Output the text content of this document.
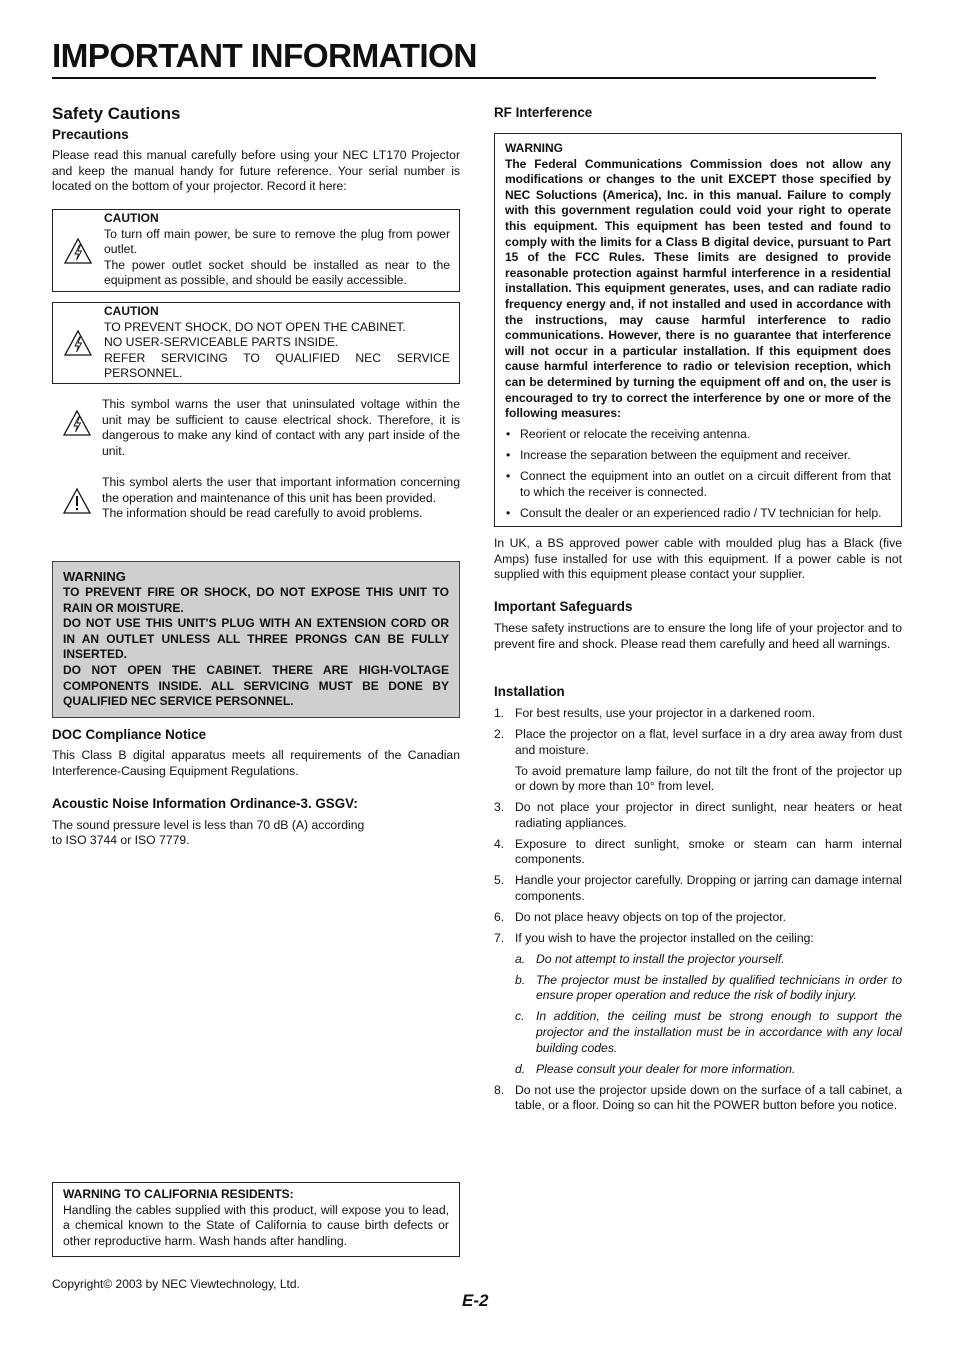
IMPORTANT INFORMATION
Safety Cautions
Precautions

Please read this manual carefully before using your NEC LT170 Projector and keep the manual handy for future reference. Your serial number is located on the bottom of your projector. Record it here:

CAUTION

To turn off main power, be sure to remove the plug from power outlet.

The power outlet socket should be installed as near to the equipment as possible, and should be easily accessible.

CAUTION

TO PREVENT SHOCK, DO NOT OPEN THE CABINET.

NO USER-SERVICEABLE PARTS INSIDE.

REFER SERVICING TO QUALIFIED NEC SERVICE PERSONNEL.

This symbol warns the user that uninsulated voltage within the unit may be sufficient to cause electrical shock. Therefore, it is dangerous to make any kind of contact with any part inside of the unit.

This symbol alerts the user that important information concerning the operation and maintenance of this unit has been provided.

The information should be read carefully to avoid problems.

WARNING

TO PREVENT FIRE OR SHOCK, DO NOT EXPOSE THIS UNIT TO RAIN OR MOISTURE.

DO NOT USE THIS UNIT'S PLUG WITH AN EXTENSION CORD OR IN AN OUTLET UNLESS ALL THREE PRONGS CAN BE FULLY INSERTED.

DO NOT OPEN THE CABINET. THERE ARE HIGH-VOLTAGE COMPONENTS INSIDE. ALL SERVICING MUST BE DONE BY QUALIFIED NEC SERVICE PERSONNEL.

DOC Compliance Notice

This Class B digital apparatus meets all requirements of the Canadian Interference-Causing Equipment Regulations.

Acoustic Noise Information Ordinance-3. GSGV:

The sound pressure level is less than 70 dB (A) according

to ISO 3744 or ISO 7779.

WARNING TO CALIFORNIA RESIDENTS:

Handling the cables supplied with this product, will expose you to lead, a chemical known to the State of California to cause birth defects or other reproductive harm. Wash hands after handling.

Copyright© 2003 by NEC Viewtechnology, Ltd.

E-2
RF Interference
WARNING

The Federal Communications Commission does not allow any modifications or changes to the unit EXCEPT those specified by NEC Soluctions (America), Inc. in this manual. Failure to comply with this government regulation could void your right to operate this equipment. This equipment has been tested and found to comply with the limits for a Class B digital device, pursuant to Part 15 of the FCC Rules. These limits are designed to provide reasonable protection against harmful interference in a residential installation. This equipment generates, uses, and can radiate radio frequency energy and, if not installed and used in accordance with the instructions, may cause harmful interference to radio communications. However, there is no guarantee that interference will not occur in a particular installation. If this equipment does cause harmful interference to radio or television reception, which can be determined by turning the equipment off and on, the user is encouraged to try to correct the interference by one or more of the following measures:

• Reorient or relocate the receiving antenna.
• Increase the separation between the equipment and receiver.
• Connect the equipment into an outlet on a circuit different from that to which the receiver is connected.
• Consult the dealer or an experienced radio / TV technician for help.

In UK, a BS approved power cable with moulded plug has a Black (five Amps) fuse installed for use with this equipment. If a power cable is not supplied with this equipment please contact your supplier.

Important Safeguards

These safety instructions are to ensure the long life of your projector and to prevent fire and shock. Please read them carefully and heed all warnings.

Installation
1. For best results, use your projector in a darkened room.
2. Place the projector on a flat, level surface in a dry area away from dust and moisture.

To avoid premature lamp failure, do not tilt the front of the projector up or down by more than 10° from level.

3. Do not place your projector in direct sunlight, near heaters or heat radiating appliances.
4. Exposure to direct sunlight, smoke or steam can harm internal components.
5. Handle your projector carefully. Dropping or jarring can damage internal components.
6. Do not place heavy objects on top of the projector.
7. If you wish to have the projector installed on the ceiling:
a. Do not attempt to install the projector yourself.
b. The projector must be installed by qualified technicians in order to ensure proper operation and reduce the risk of bodily injury.
c. In addition, the ceiling must be strong enough to support the projector and the installation must be in accordance with any local building codes.
d. Please consult your dealer for more information.
8. Do not use the projector upside down on the surface of a tall cabinet, a table, or a floor. Doing so can hit the POWER button before you notice.
